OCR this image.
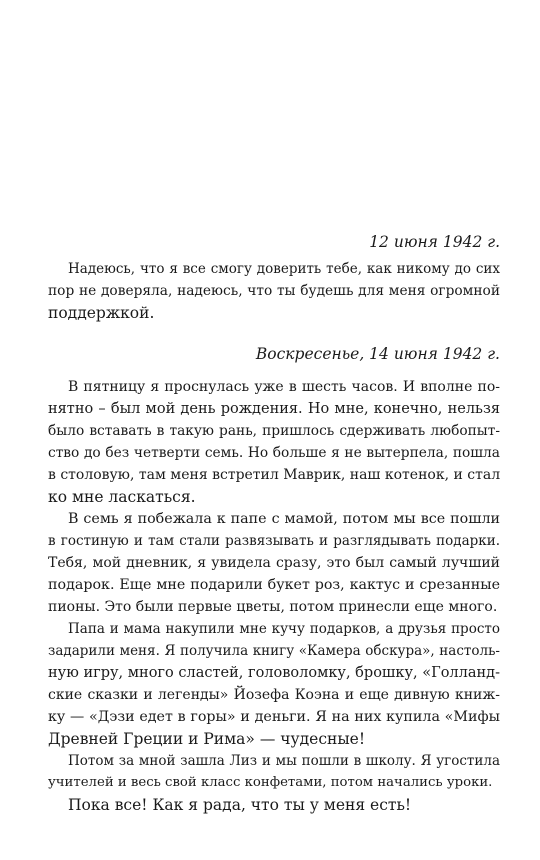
12 июня 1942 г.
Надеюсь, что я все смогу доверить тебе, как никому до сих
пор не доверяла, надеюсь, что ты будешь для меня огромной
поддержкой.
Воскресенье, 14 июня 1942 г.
В пятницу я проснулась уже в шесть часов. И вполне по-
нятно – был мой день рождения. Но мне, конечно, нельзя
было вставать в такую рань, пришлось сдерживать любопыт-
ство до без четверти семь. Но больше я не вытерпела, пошла
в столовую, там меня встретил Маврик, наш котенок, и стал
ко мне ласкаться.
В семь я побежала к папе с мамой, потом мы все пошли
в гостиную и там стали развязывать и разглядывать подарки.
Тебя, мой дневник, я увидела сразу, это был самый лучший
подарок. Еще мне подарили букет роз, кактус и срезанные
пионы. Это были первые цветы, потом принесли еще много.
Папа и мама накупили мне кучу подарков, а друзья просто
задарили меня. Я получила книгу «Камера обскура», настоль-
ную игру, много сластей, головоломку, брошку, «Голланд-
ские сказки и легенды» Йозефа Коэна и еще дивную книж-
ку — «Дэзи едет в горы» и деньги. Я на них купила «Мифы
Древней Греции и Рима» — чудесные!
Потом за мной зашла Лиз и мы пошли в школу. Я угостила
учителей и весь свой класс конфетами, потом начались уроки.
Пока все! Как я рада, что ты у меня есть!
